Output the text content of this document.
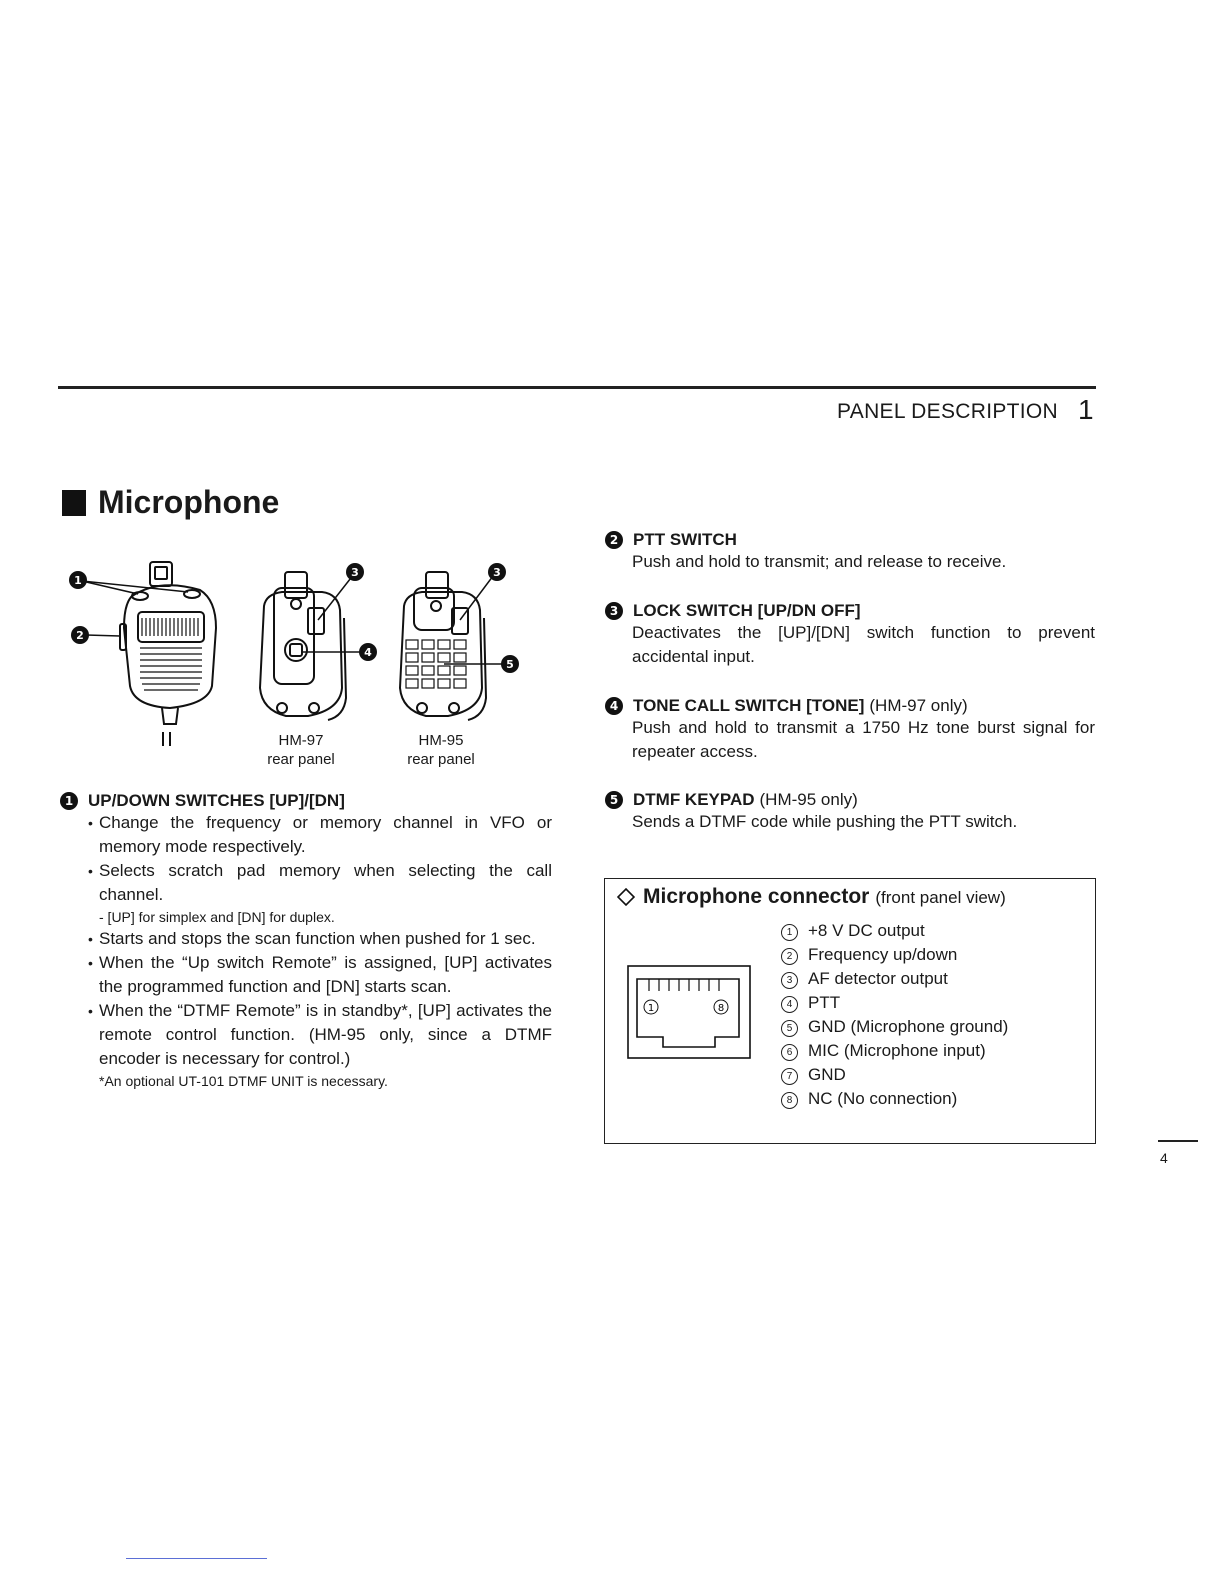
PANEL DESCRIPTION 1
Microphone
1
2
3
4
3
5
HM-97
rear panel
HM-95
rear panel
1 UP/DOWN SWITCHES [UP]/[DN]
• Change the frequency or memory channel in VFO or memory mode respectively.
• Selects scratch pad memory when selecting the call channel.
- [UP] for simplex and [DN] for duplex.
• Starts and stops the scan function when pushed for 1 sec.
• When the “Up switch Remote” is assigned, [UP] activates the programmed function and [DN] starts scan.
• When the “DTMF Remote” is in standby*, [UP] activates the remote control function. (HM-95 only, since a DTMF encoder is necessary for control.)
*An optional UT-101 DTMF UNIT is necessary.
2 PTT SWITCH
Push and hold to transmit; and release to receive.
3 LOCK SWITCH [UP/DN OFF]
Deactivates the [UP]/[DN] switch function to prevent accidental input.
4 TONE CALL SWITCH [TONE] (HM-97 only)
Push and hold to transmit a 1750 Hz tone burst signal for repeater access.
5 DTMF KEYPAD (HM-95 only)
Sends a DTMF code while pushing the PTT switch.
Microphone connector (front panel view)
1	8
1 +8 V DC output
2 Frequency up/down
3 AF detector output
4 PTT
5 GND (Microphone ground)
6 MIC (Microphone input)
7 GND
8 NC (No connection)
4
